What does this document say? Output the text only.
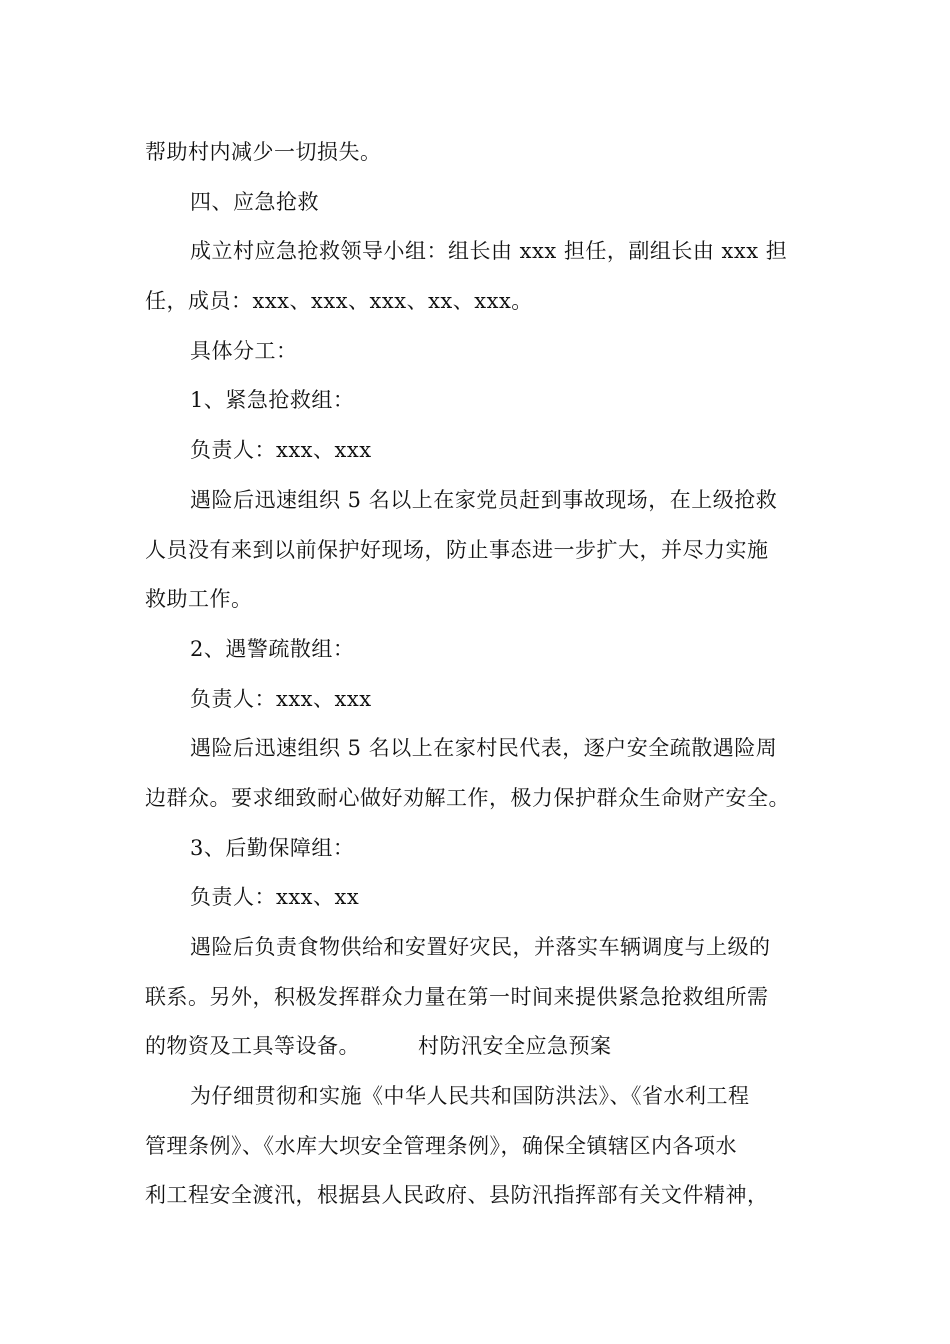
帮助村内减少一切损失。
四、应急抢救
成立村应急抢救领导小组：组长由 xxx 担任，副组长由 xxx 担
任，成员：xxx、xxx、xxx、xx、xxx。
具体分工：
1、紧急抢救组：
负责人：xxx、xxx
遇险后迅速组织 5 名以上在家党员赶到事故现场，在上级抢救
人员没有来到以前保护好现场，防止事态进一步扩大，并尽力实施
救助工作。
2、遇警疏散组：
负责人：xxx、xxx
遇险后迅速组织 5 名以上在家村民代表，逐户安全疏散遇险周
边群众。要求细致耐心做好劝解工作，极力保护群众生命财产安全。
3、后勤保障组：
负责人：xxx、xx
遇险后负责食物供给和安置好灾民，并落实车辆调度与上级的
联系。另外，积极发挥群众力量在第一时间来提供紧急抢救组所需
的物资及工具等设备。	村防汛安全应急预案
为仔细贯彻和实施《中华人民共和国防洪法》、《省水利工程
管理条例》、《水库大坝安全管理条例》，确保全镇辖区内各项水
利工程安全渡汛，根据县人民政府、县防汛指挥部有关文件精神，
